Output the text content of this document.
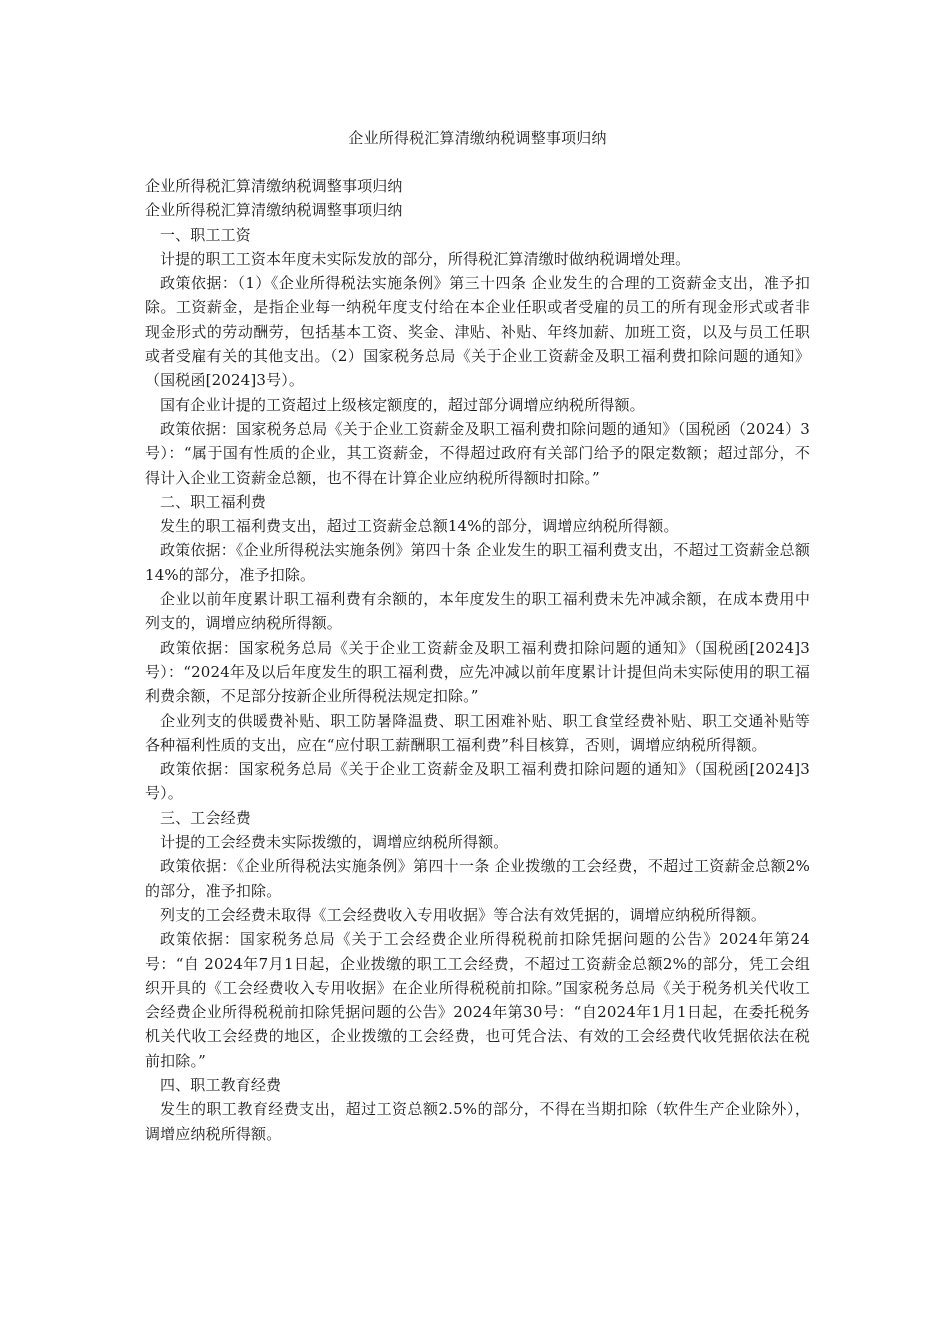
企业所得税汇算清缴纳税调整事项归纳

企业所得税汇算清缴纳税调整事项归纳

企业所得税汇算清缴纳税调整事项归纳

一、职工工资

计提的职工工资本年度未实际发放的部分，所得税汇算清缴时做纳税调增处理。

政策依据：（1）《企业所得税法实施条例》第三十四条 企业发生的合理的工资薪金支出，准予扣除。工资薪金，是指企业每一纳税年度支付给在本企业任职或者受雇的员工的所有现金形式或者非现金形式的劳动酬劳，包括基本工资、奖金、津贴、补贴、年终加薪、加班工资，以及与员工任职或者受雇有关的其他支出。（2）国家税务总局《关于企业工资薪金及职工福利费扣除问题的通知》（国税函[2024]3号）。

国有企业计提的工资超过上级核定额度的，超过部分调增应纳税所得额。

政策依据：国家税务总局《关于企业工资薪金及职工福利费扣除问题的通知》（国税函（2024）3号）：“属于国有性质的企业，其工资薪金，不得超过政府有关部门给予的限定数额；超过部分，不得计入企业工资薪金总额，也不得在计算企业应纳税所得额时扣除。”

二、职工福利费

发生的职工福利费支出，超过工资薪金总额14%的部分，调增应纳税所得额。

政策依据：《企业所得税法实施条例》第四十条 企业发生的职工福利费支出，不超过工资薪金总额14%的部分，准予扣除。

企业以前年度累计职工福利费有余额的，本年度发生的职工福利费未先冲减余额，在成本费用中列支的，调增应纳税所得额。

政策依据：国家税务总局《关于企业工资薪金及职工福利费扣除问题的通知》（国税函[2024]3号）：“2024年及以后年度发生的职工福利费，应先冲减以前年度累计计提但尚未实际使用的职工福利费余额，不足部分按新企业所得税法规定扣除。”

企业列支的供暖费补贴、职工防暑降温费、职工困难补贴、职工食堂经费补贴、职工交通补贴等各种福利性质的支出，应在“应付职工薪酬职工福利费”科目核算，否则，调增应纳税所得额。

政策依据：国家税务总局《关于企业工资薪金及职工福利费扣除问题的通知》（国税函[2024]3号）。

三、工会经费

计提的工会经费未实际拨缴的，调增应纳税所得额。

政策依据：《企业所得税法实施条例》第四十一条 企业拨缴的工会经费，不超过工资薪金总额2%的部分，准予扣除。

列支的工会经费未取得《工会经费收入专用收据》等合法有效凭据的，调增应纳税所得额。

政策依据：国家税务总局《关于工会经费企业所得税税前扣除凭据问题的公告》2024年第24号：“自 2024年7月1日起，企业拨缴的职工工会经费，不超过工资薪金总额2%的部分，凭工会组织开具的《工会经费收入专用收据》在企业所得税税前扣除。”国家税务总局《关于税务机关代收工会经费企业所得税税前扣除凭据问题的公告》2024年第30号：“自2024年1月1日起，在委托税务机关代收工会经费的地区，企业拨缴的工会经费，也可凭合法、有效的工会经费代收凭据依法在税前扣除。”

四、职工教育经费

发生的职工教育经费支出，超过工资总额2.5%的部分，不得在当期扣除（软件生产企业除外），调增应纳税所得额。
